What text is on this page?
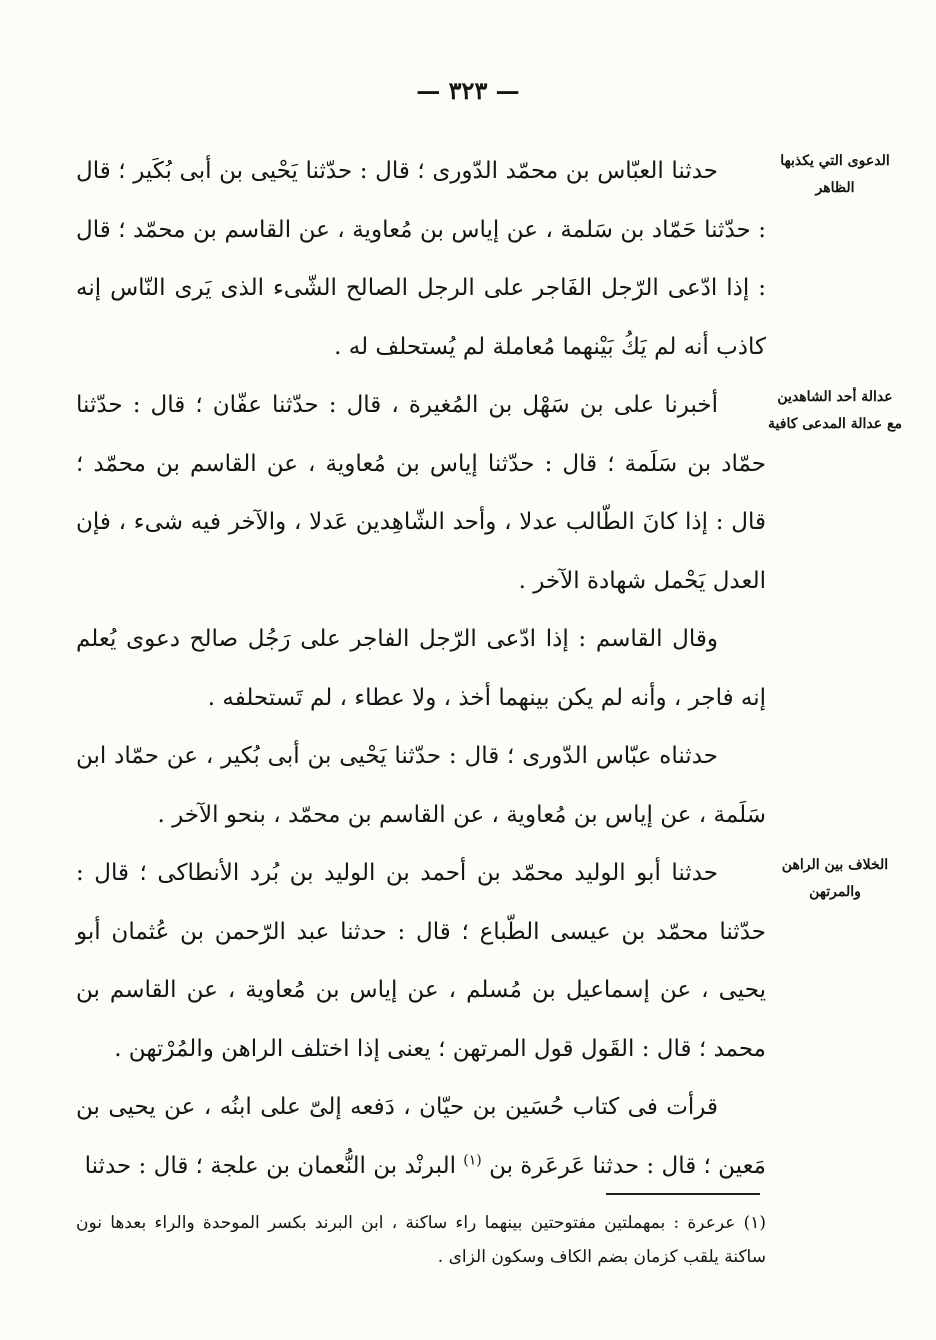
— ٣٢٣ —
الدعوى التي يكذبها الظاهر
عدالة أحد الشاهدين مع عدالة المدعى كافية
الخلاف بين الراهن والمرتهن

حدثنا العبّاس بن محمّد الدّورى ؛ قال : حدّثنا يَحْيى بن أبى بُكَير ؛ قال : حدّثنا حَمّاد بن سَلمة ، عن إياس بن مُعاوية ، عن القاسم بن محمّد ؛ قال : إذا ادّعى الرّجل الفَاجر على الرجل الصالح الشّىء الذى يَرى النّاس إنه كاذب أنه لم يَكُ بَيْنهما مُعاملة لم يُستحلف له .

أخبرنا على بن سَهْل بن المُغيرة ، قال : حدّثنا عفّان ؛ قال : حدّثنا حمّاد بن سَلَمة ؛ قال : حدّثنا إياس بن مُعاوية ، عن القاسم بن محمّد ؛ قال : إذا كانَ الطّالب عدلا ، وأحد الشّاهِدين عَدلا ، والآخر فيه شىء ، فإن العدل يَحْمل شهادة الآخر .

وقال القاسم : إذا ادّعى الرّجل الفاجر على رَجُل صالح دعوى يُعلم إنه فاجر ، وأنه لم يكن بينهما أخذ ، ولا عطاء ، لم تَستحلفه .

حدثناه عبّاس الدّورى ؛ قال : حدّثنا يَحْيى بن أبى بُكير ، عن حمّاد ابن سَلَمة ، عن إياس بن مُعاوية ، عن القاسم بن محمّد ، بنحو الآخر .

حدثنا أبو الوليد محمّد بن أحمد بن الوليد بن بُرد الأنطاكى ؛ قال : حدّثنا محمّد بن عيسى الطّباع ؛ قال : حدثنا عبد الرّحمن بن عُثمان أبو يحيى ، عن إسماعيل بن مُسلم ، عن إياس بن مُعاوية ، عن القاسم بن محمد ؛ قال : القَول قول المرتهن ؛ يعنى إذا اختلف الراهن والمُرْتهن .

قرأت فى كتاب حُسَين بن حيّان ، دَفعه إلىّ على ابنُه ، عن يحيى بن مَعين ؛ قال : حدثنا عَرعَرة بن $^{(١)}$ البرنْد بن النُّعمان بن علجة ؛ قال : حدثنا

(١) عرعرة : بمهملتين مفتوحتين بينهما راء ساكنة ، ابن البرند بكسر الموحدة والراء بعدها نون ساكنة يلقب كزمان بضم الكاف وسكون الزاى .
